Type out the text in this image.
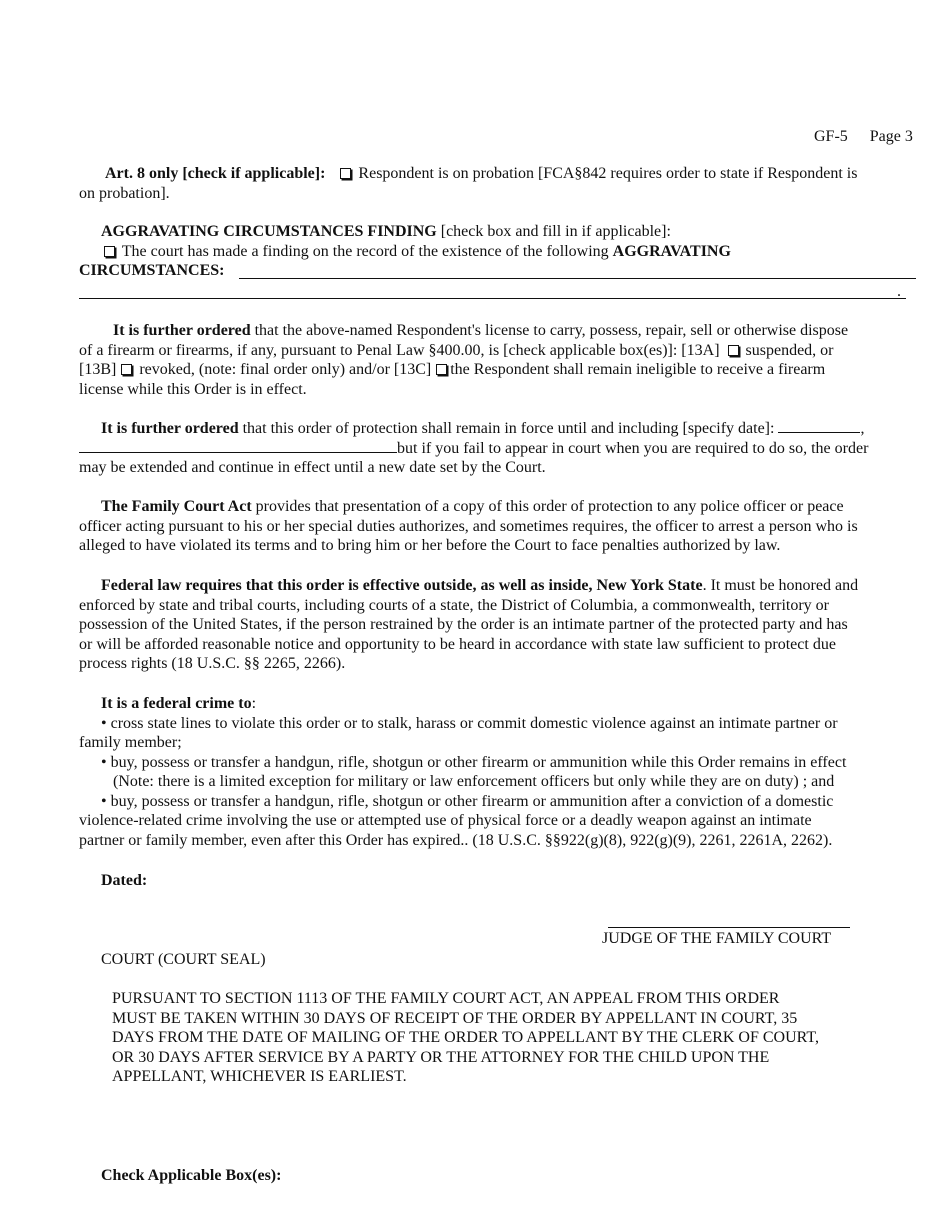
GF-5 Page 3
Art. 8 only [check if applicable]: Respondent is on probation [FCA§842 requires order to state if Respondent is
on probation].
AGGRAVATING CIRCUMSTANCES FINDING [check box and fill in if applicable]:
The court has made a finding on the record of the existence of the following AGGRAVATING
CIRCUMSTANCES:
.
It is further ordered that the above-named Respondent's license to carry, possess, repair, sell or otherwise dispose
of a firearm or firearms, if any, pursuant to Penal Law §400.00, is [check applicable box(es)]: [13A]  suspended, or
[13B]  revoked, (note: final order only) and/or [13C] the Respondent shall remain ineligible to receive a firearm
license while this Order is in effect.
It is further ordered that this order of protection shall remain in force until and including [specify date]:	,
but if you fail to appear in court when you are required to do so, the order
may be extended and continue in effect until a new date set by the Court.
The Family Court Act provides that presentation of a copy of this order of protection to any police officer or peace
officer acting pursuant to his or her special duties authorizes, and sometimes requires, the officer to arrest a person who is
alleged to have violated its terms and to bring him or her before the Court to face penalties authorized by law.
Federal law requires that this order is effective outside, as well as inside, New York State. It must be honored and
enforced by state and tribal courts, including courts of a state, the District of Columbia, a commonwealth, territory or
possession of the United States, if the person restrained by the order is an intimate partner of the protected party and has
or will be afforded reasonable notice and opportunity to be heard in accordance with state law sufficient to protect due
process rights (18 U.S.C. §§ 2265, 2266).
It is a federal crime to:
• cross state lines to violate this order or to stalk, harass or commit domestic violence against an intimate partner or
family member;
• buy, possess or transfer a handgun, rifle, shotgun or other firearm or ammunition while this Order remains in effect
(Note: there is a limited exception for military or law enforcement officers but only while they are on duty) ; and
• buy, possess or transfer a handgun, rifle, shotgun or other firearm or ammunition after a conviction of a domestic
violence-related crime involving the use or attempted use of physical force or a deadly weapon against an intimate
partner or family member, even after this Order has expired.. (18 U.S.C. §§922(g)(8), 922(g)(9), 2261, 2261A, 2262).
Dated:
JUDGE OF THE FAMILY COURT
COURT (COURT SEAL)
PURSUANT TO SECTION 1113 OF THE FAMILY COURT ACT, AN APPEAL FROM THIS ORDER
MUST BE TAKEN WITHIN 30 DAYS OF RECEIPT OF THE ORDER BY APPELLANT IN COURT, 35
DAYS FROM THE DATE OF MAILING OF THE ORDER TO APPELLANT BY THE CLERK OF COURT,
OR 30 DAYS AFTER SERVICE BY A PARTY OR THE ATTORNEY FOR THE CHILD UPON THE
APPELLANT, WHICHEVER IS EARLIEST.
Check Applicable Box(es):
